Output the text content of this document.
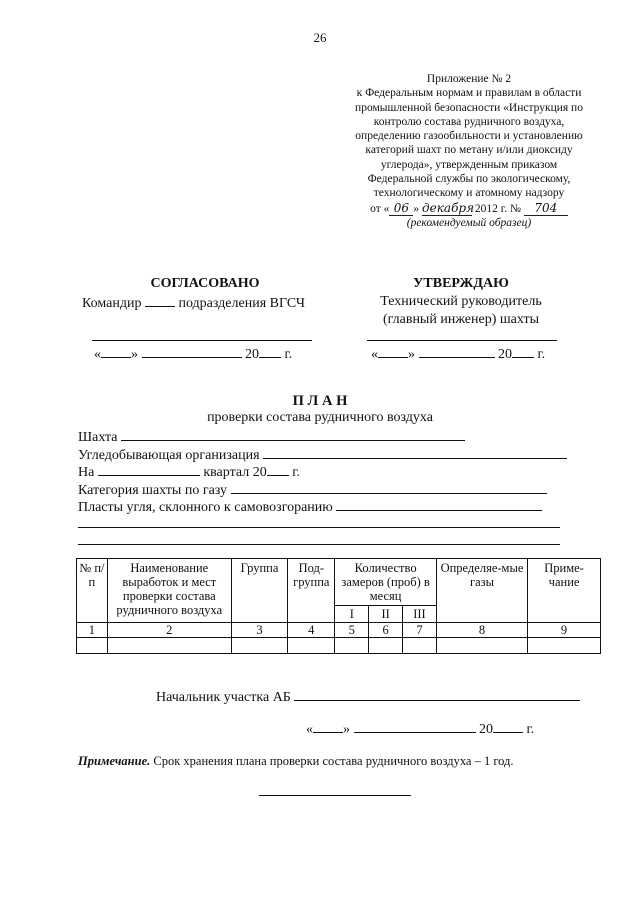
26
Приложение № 2
к Федеральным нормам и правилам в области
промышленной безопасности «Инструкция по
контролю состава рудничного воздуха,
определению газообильности и установлению
категорий шахт по метану и/или диоксиду
углерода», утвержденным приказом
Федеральной службы по экологическому,
технологическому и атомному надзору
от « 06 » декабря 2012 г. № 704
(рекомендуемый образец)
СОГЛАСОВАНО
Командир	подразделения ВГСЧ
« »	20 г.
УТВЕРЖДАЮ
Технический руководитель
(главный инженер) шахты
« »	20 г.
П Л А Н
проверки состава рудничного воздуха
Шахта
Угледобывающая организация
На	квартал 20 г.
Категория шахты по газу
Пласты угля, склонного к самовозгоранию
№ п/п	Наименование выработок и мест проверки состава рудничного воздуха	Группа	Под-группа	Количество замеров (проб) в месяц			Определяе-мые газы	Приме-чание
				I	II	III		
1	2	3	4	5	6	7	8	9

Начальник участка АБ
« »	20 г.
Примечание. Срок хранения плана проверки состава рудничного воздуха – 1 год.
